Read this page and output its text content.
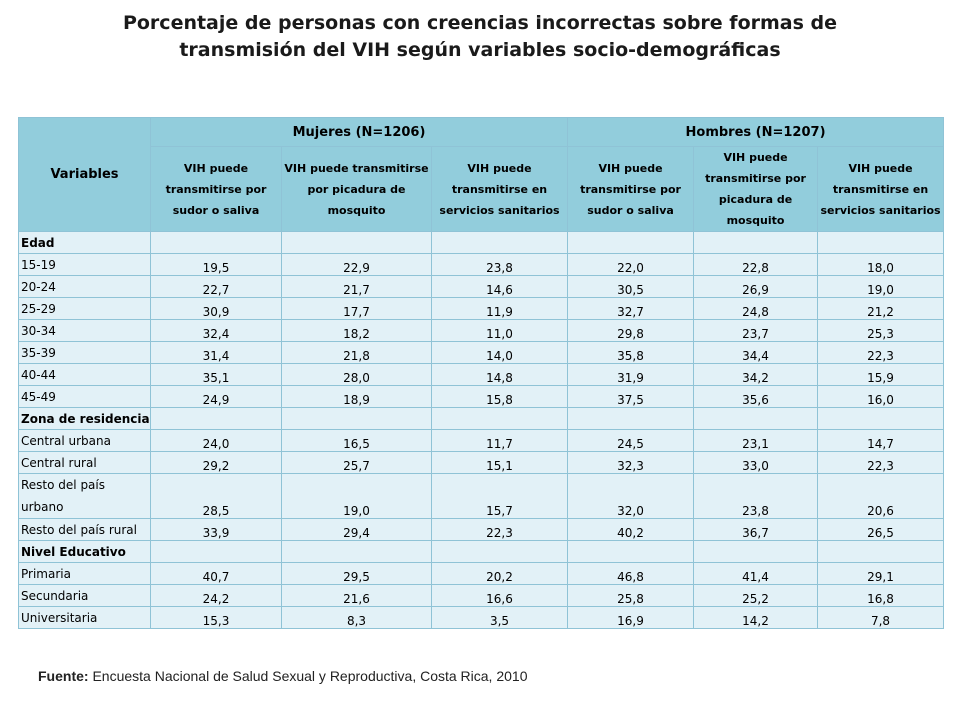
Porcentaje de personas con creencias incorrectas sobre formas de
transmisión del VIH según variables socio-demográficas
Variables	Mujeres (N=1206)			Hombres (N=1207)		
	VIH puede transmitirse por sudor o saliva	VIH puede transmitirse por picadura de mosquito	VIH puede transmitirse en servicios sanitarios	VIH puede transmitirse por sudor o saliva	VIH puede transmitirse por picadura de mosquito	VIH puede transmitirse en servicios sanitarios
Edad						
15-19	19,5	22,9	23,8	22,0	22,8	18,0
20-24	22,7	21,7	14,6	30,5	26,9	19,0
25-29	30,9	17,7	11,9	32,7	24,8	21,2
30-34	32,4	18,2	11,0	29,8	23,7	25,3
35-39	31,4	21,8	14,0	35,8	34,4	22,3
40-44	35,1	28,0	14,8	31,9	34,2	15,9
45-49	24,9	18,9	15,8	37,5	35,6	16,0
Zona de residencia						
Central urbana	24,0	16,5	11,7	24,5	23,1	14,7
Central rural	29,2	25,7	15,1	32,3	33,0	22,3
Resto del país
urbano	28,5	19,0	15,7	32,0	23,8	20,6
Resto del país rural	33,9	29,4	22,3	40,2	36,7	26,5
Nivel Educativo						
Primaria	40,7	29,5	20,2	46,8	41,4	29,1
Secundaria	24,2	21,6	16,6	25,8	25,2	16,8
Universitaria	15,3	8,3	3,5	16,9	14,2	7,8
Fuente: Encuesta Nacional de Salud Sexual y Reproductiva, Costa Rica, 2010
